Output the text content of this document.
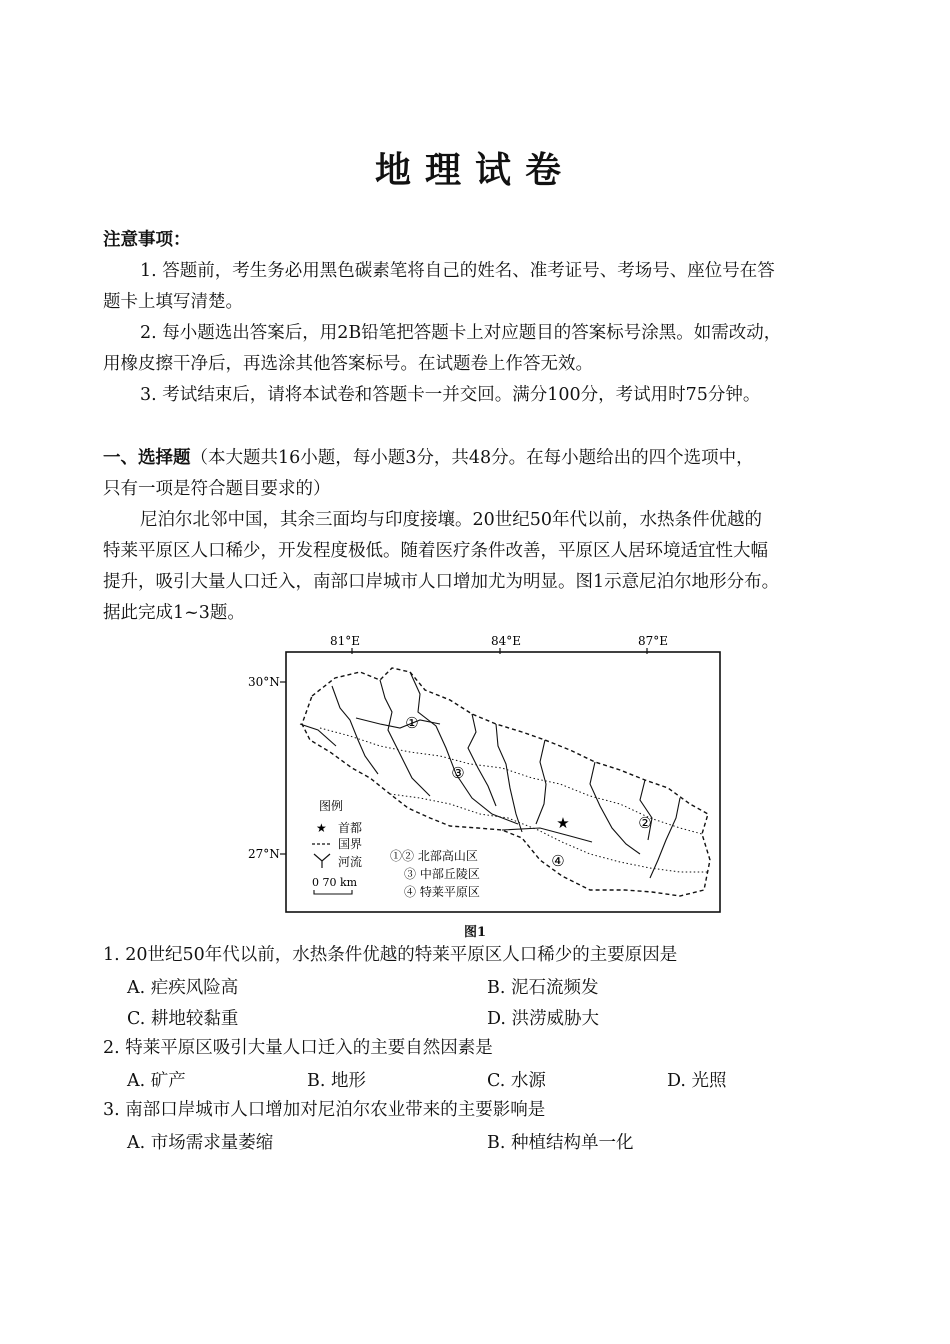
地理试卷
注意事项：
1. 答题前，考生务必用黑色碳素笔将自己的姓名、准考证号、考场号、座位号在答
题卡上填写清楚。
2. 每小题选出答案后，用2B铅笔把答题卡上对应题目的答案标号涂黑。如需改动，
用橡皮擦干净后，再选涂其他答案标号。在试题卷上作答无效。
3. 考试结束后，请将本试卷和答题卡一并交回。满分100分，考试用时75分钟。
一、选择题（本大题共16小题，每小题3分，共48分。在每小题给出的四个选项中，
只有一项是符合题目要求的）
尼泊尔北邻中国，其余三面均与印度接壤。20世纪50年代以前，水热条件优越的
特莱平原区人口稀少，开发程度极低。随着医疗条件改善，平原区人居环境适宜性大幅
提升，吸引大量人口迁入，南部口岸城市人口增加尤为明显。图1示意尼泊尔地形分布。
据此完成1~3题。
81°E	84°E	87°E
30°N
27°N
★
①
②
③
④
图例
★ 首都
国界
河流
0 70 km
①② 北部高山区
③ 中部丘陵区
④ 特莱平原区
图1
1. 20世纪50年代以前，水热条件优越的特莱平原区人口稀少的主要原因是
A. 疟疾风险高	B. 泥石流频发
C. 耕地较黏重	D. 洪涝威胁大
2. 特莱平原区吸引大量人口迁入的主要自然因素是
A. 矿产	B. 地形	C. 水源	D. 光照
3. 南部口岸城市人口增加对尼泊尔农业带来的主要影响是
A. 市场需求量萎缩	B. 种植结构单一化
